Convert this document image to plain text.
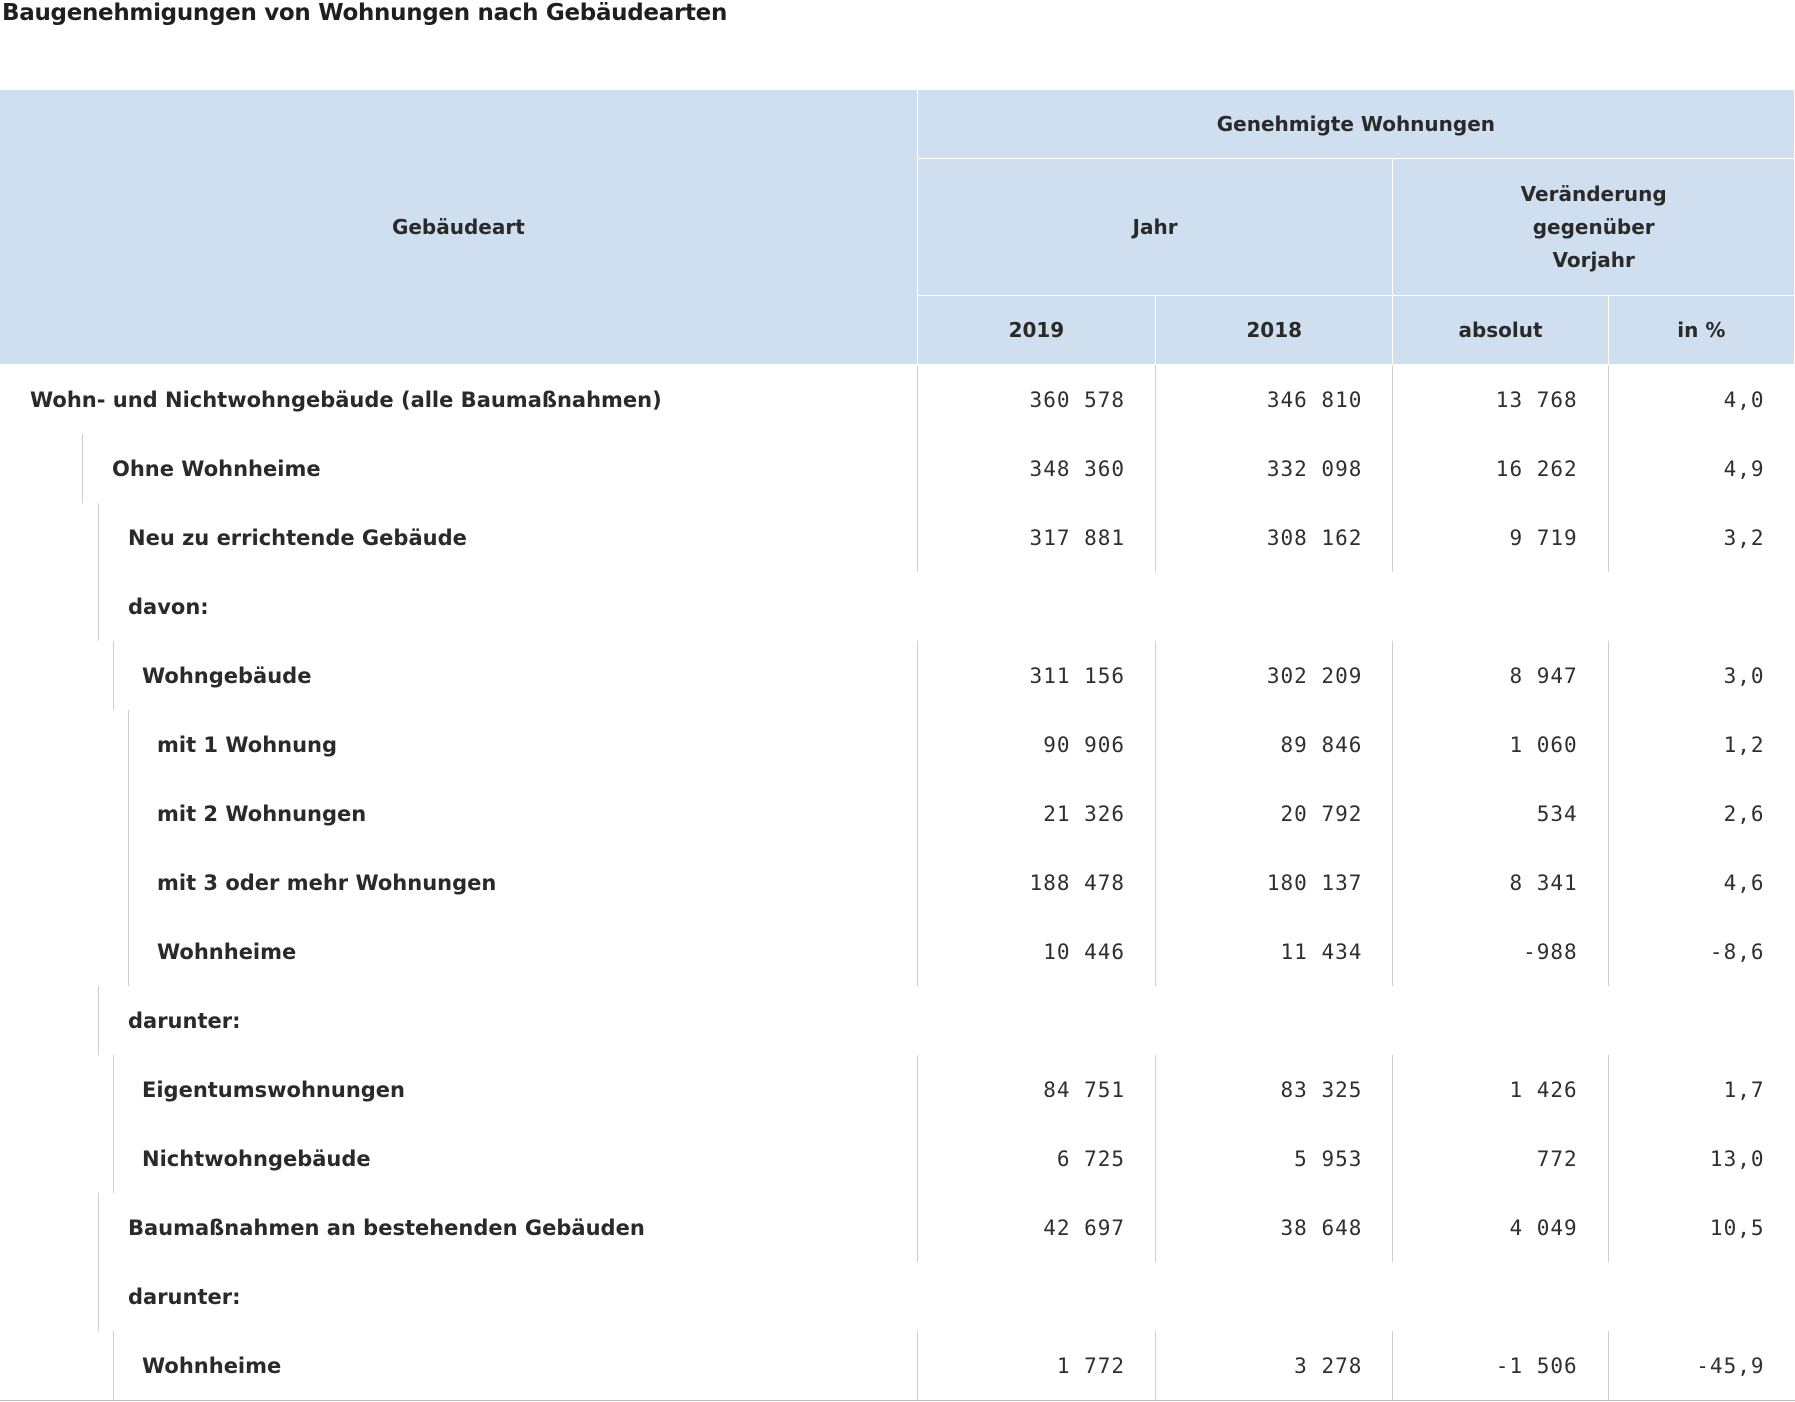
Baugenehmigungen von Wohnungen nach Gebäudearten
Gebäudeart	Genehmigte Wohnungen			
	Jahr		Veränderung
gegenüber
Vorjahr	
	2019	2018	absolut	in %

Wohn- und Nichtwohngebäude (alle Baumaßnahmen)	360 578	346 810	13 768	4,0

Ohne Wohnheime	348 360	332 098	16 262	4,9

Neu zu errichtende Gebäude	317 881	308 162	9 719	3,2

davon:				

Wohngebäude	311 156	302 209	8 947	3,0

mit 1 Wohnung	90 906	89 846	1 060	1,2

mit 2 Wohnungen	21 326	20 792	534	2,6

mit 3 oder mehr Wohnungen	188 478	180 137	8 341	4,6

Wohnheime	10 446	11 434	-988	-8,6

darunter:				

Eigentumswohnungen	84 751	83 325	1 426	1,7

Nichtwohngebäude	6 725	5 953	772	13,0

Baumaßnahmen an bestehenden Gebäuden	42 697	38 648	4 049	10,5

darunter:				

Wohnheime	1 772	3 278	-1 506	-45,9
